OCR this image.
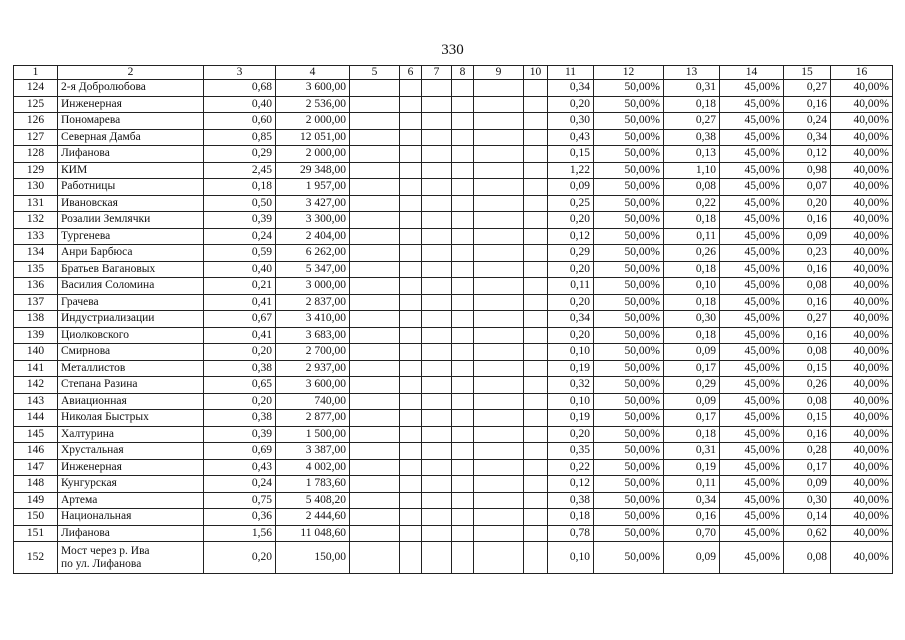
330
1	2	3	4	5	6	7	8	9	10	11	12	13	14	15	16
124	2-я Добролюбова	0,68	3 600,00							0,34	50,00%	0,31	45,00%	0,27	40,00%
125	Инженерная	0,40	2 536,00							0,20	50,00%	0,18	45,00%	0,16	40,00%
126	Пономарева	0,60	2 000,00							0,30	50,00%	0,27	45,00%	0,24	40,00%
127	Северная Дамба	0,85	12 051,00							0,43	50,00%	0,38	45,00%	0,34	40,00%
128	Лифанова	0,29	2 000,00							0,15	50,00%	0,13	45,00%	0,12	40,00%
129	КИМ	2,45	29 348,00							1,22	50,00%	1,10	45,00%	0,98	40,00%
130	Работницы	0,18	1 957,00							0,09	50,00%	0,08	45,00%	0,07	40,00%
131	Ивановская	0,50	3 427,00							0,25	50,00%	0,22	45,00%	0,20	40,00%
132	Розалии Землячки	0,39	3 300,00							0,20	50,00%	0,18	45,00%	0,16	40,00%
133	Тургенева	0,24	2 404,00							0,12	50,00%	0,11	45,00%	0,09	40,00%
134	Анри Барбюса	0,59	6 262,00							0,29	50,00%	0,26	45,00%	0,23	40,00%
135	Братьев Вагановых	0,40	5 347,00							0,20	50,00%	0,18	45,00%	0,16	40,00%
136	Василия Соломина	0,21	3 000,00							0,11	50,00%	0,10	45,00%	0,08	40,00%
137	Грачева	0,41	2 837,00							0,20	50,00%	0,18	45,00%	0,16	40,00%
138	Индустриализации	0,67	3 410,00							0,34	50,00%	0,30	45,00%	0,27	40,00%
139	Циолковского	0,41	3 683,00							0,20	50,00%	0,18	45,00%	0,16	40,00%
140	Смирнова	0,20	2 700,00							0,10	50,00%	0,09	45,00%	0,08	40,00%
141	Металлистов	0,38	2 937,00							0,19	50,00%	0,17	45,00%	0,15	40,00%
142	Степана Разина	0,65	3 600,00							0,32	50,00%	0,29	45,00%	0,26	40,00%
143	Авиационная	0,20	740,00							0,10	50,00%	0,09	45,00%	0,08	40,00%
144	Николая Быстрых	0,38	2 877,00							0,19	50,00%	0,17	45,00%	0,15	40,00%
145	Халтурина	0,39	1 500,00							0,20	50,00%	0,18	45,00%	0,16	40,00%
146	Хрустальная	0,69	3 387,00							0,35	50,00%	0,31	45,00%	0,28	40,00%
147	Инженерная	0,43	4 002,00							0,22	50,00%	0,19	45,00%	0,17	40,00%
148	Кунгурская	0,24	1 783,60							0,12	50,00%	0,11	45,00%	0,09	40,00%
149	Артема	0,75	5 408,20							0,38	50,00%	0,34	45,00%	0,30	40,00%
150	Национальная	0,36	2 444,60							0,18	50,00%	0,16	45,00%	0,14	40,00%
151	Лифанова	1,56	11 048,60							0,78	50,00%	0,70	45,00%	0,62	40,00%
152	Мост через р. Ива
по ул. Лифанова	0,20	150,00							0,10	50,00%	0,09	45,00%	0,08	40,00%
